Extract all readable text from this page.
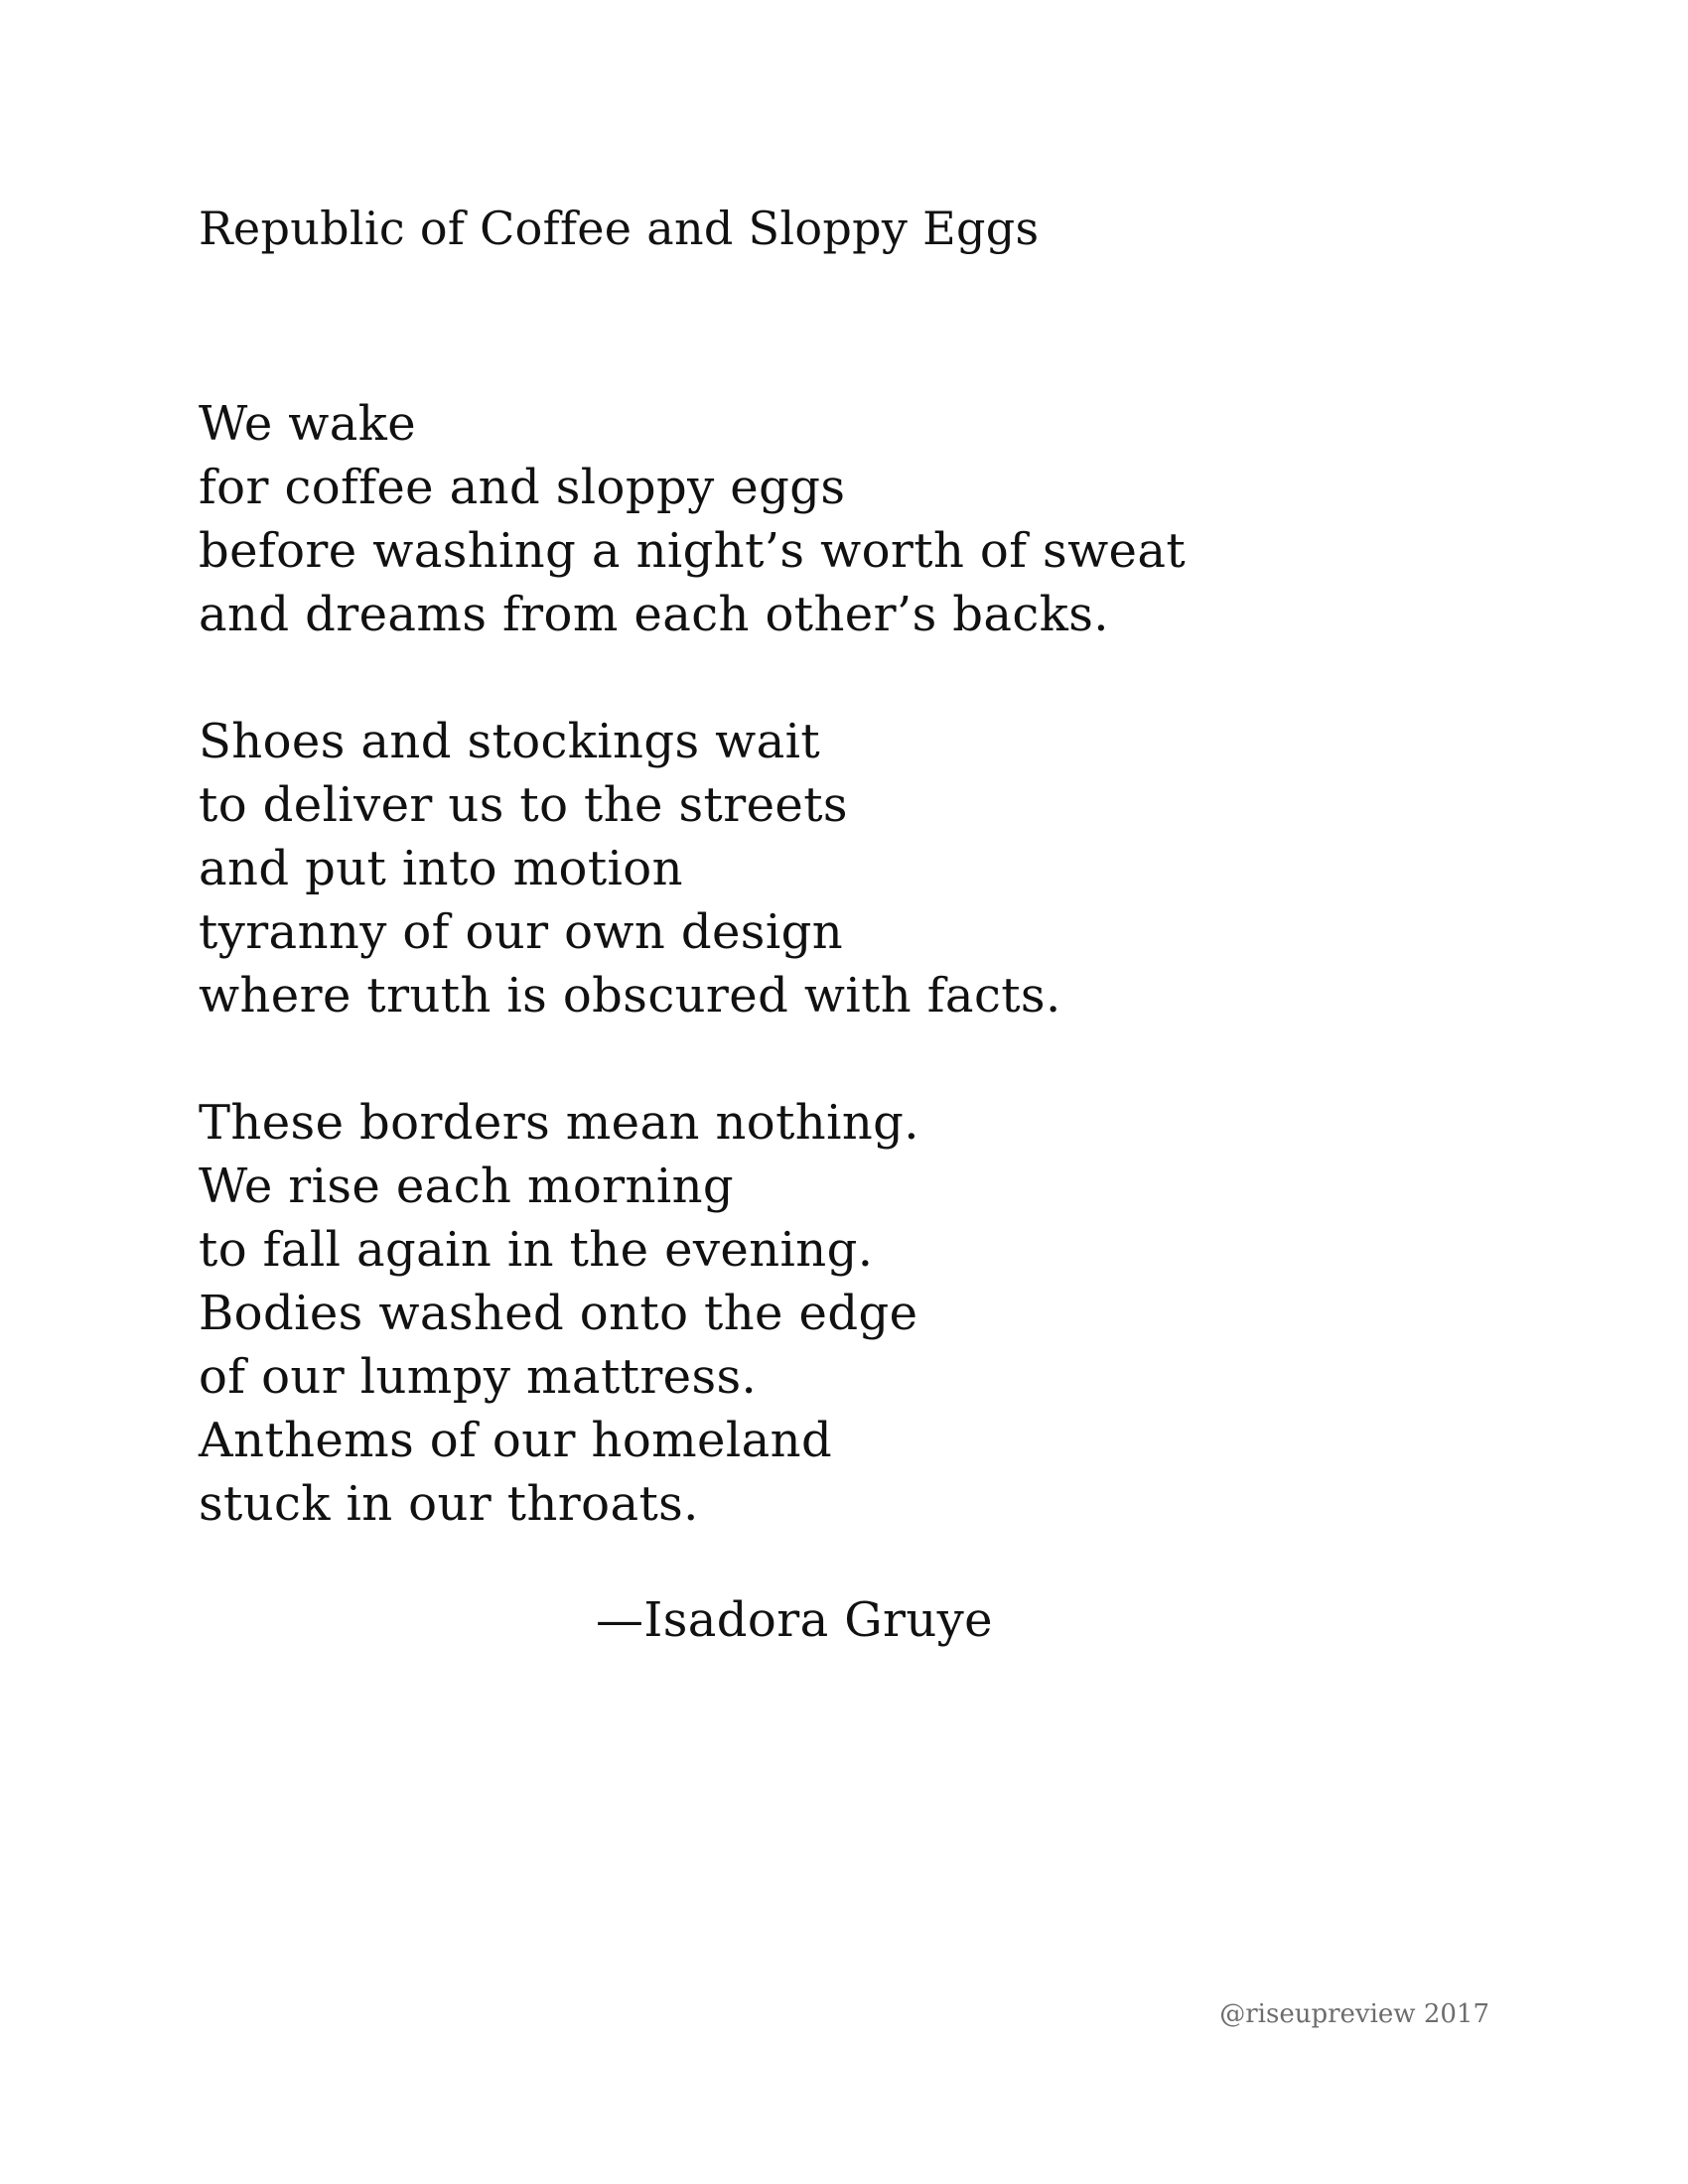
Republic of Coffee and Sloppy Eggs
We wake
for coffee and sloppy eggs
before washing a night’s worth of sweat
and dreams from each other’s backs.
Shoes and stockings wait
to deliver us to the streets
and put into motion
tyranny of our own design
where truth is obscured with facts.
These borders mean nothing.
We rise each morning
to fall again in the evening.
Bodies washed onto the edge
of our lumpy mattress.
Anthems of our homeland
stuck in our throats.
—Isadora Gruye
@riseupreview 2017
